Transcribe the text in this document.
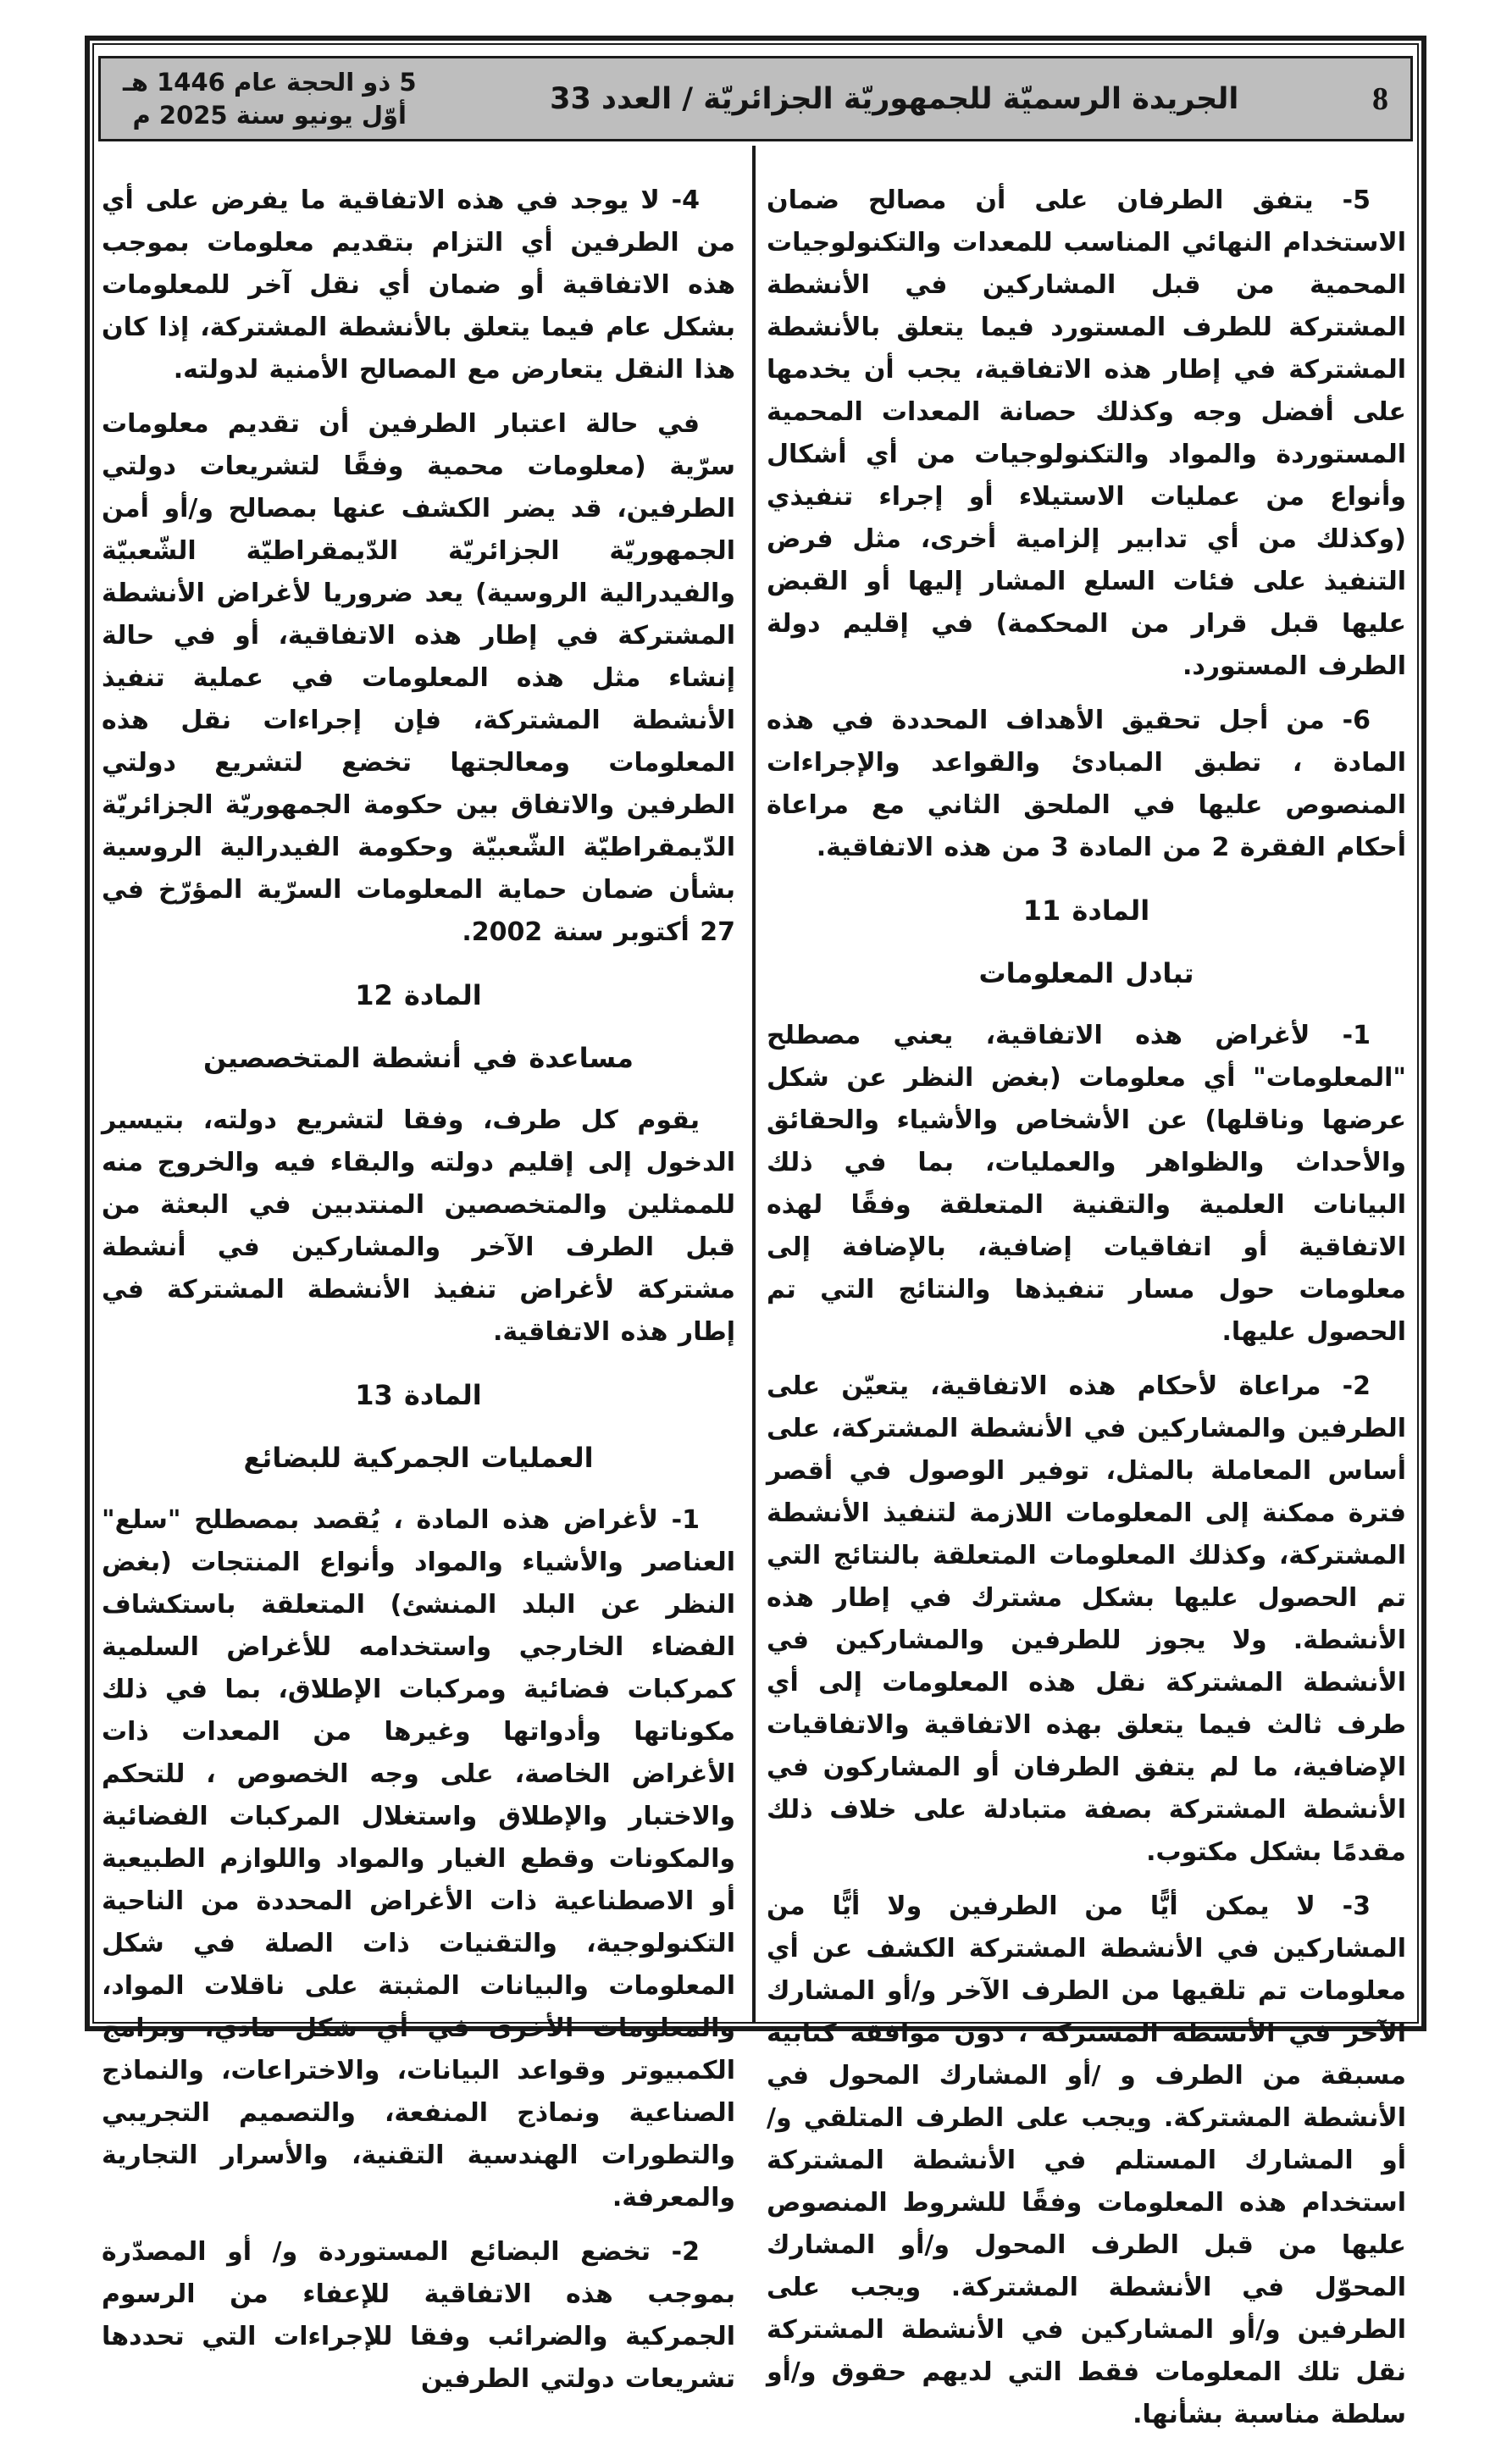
5 ذو الحجة عام 1446 هـ
أوّل يونيو سنة 2025 م	الجريدة الرسميّة للجمهوريّة الجزائريّة / العدد 33	8
5- يتفق الطرفان على أن مصالح ضمان الاستخدام النهائي المناسب للمعدات والتكنولوجيات المحمية من قبل المشاركين في الأنشطة المشتركة للطرف المستورد فيما يتعلق بالأنشطة المشتركة في إطار هذه الاتفاقية، يجب أن يخدمها على أفضل وجه وكذلك حصانة المعدات المحمية المستوردة والمواد والتكنولوجيات من أي أشكال وأنواع من عمليات الاستيلاء أو إجراء تنفيذي (وكذلك من أي تدابير إلزامية أخرى، مثل فرض التنفيذ على فئات السلع المشار إليها أو القبض عليها قبل قرار من المحكمة) في إقليم دولة الطرف المستورد.
6- من أجل تحقيق الأهداف المحددة في هذه المادة ، تطبق المبادئ والقواعد والإجراءات المنصوص عليها في الملحق الثاني مع مراعاة أحكام الفقرة 2 من المادة 3 من هذه الاتفاقية.
المادة 11
تبادل المعلومات
1- لأغراض هذه الاتفاقية، يعني مصطلح "المعلومات" أي معلومات (بغض النظر عن شكل عرضها وناقلها) عن الأشخاص والأشياء والحقائق والأحداث والظواهر والعمليات، بما في ذلك البيانات العلمية والتقنية المتعلقة وفقًا لهذه الاتفاقية أو اتفاقيات إضافية، بالإضافة إلى معلومات حول مسار تنفيذها والنتائج التي تم الحصول عليها.
2- مراعاة لأحكام هذه الاتفاقية، يتعيّن على الطرفين والمشاركين في الأنشطة المشتركة، على أساس المعاملة بالمثل، توفير الوصول في أقصر فترة ممكنة إلى المعلومات اللازمة لتنفيذ الأنشطة المشتركة، وكذلك المعلومات المتعلقة بالنتائج التي تم الحصول عليها بشكل مشترك في إطار هذه الأنشطة. ولا يجوز للطرفين والمشاركين في الأنشطة المشتركة نقل هذه المعلومات إلى أي طرف ثالث فيما يتعلق بهذه الاتفاقية والاتفاقيات الإضافية، ما لم يتفق الطرفان أو المشاركون في الأنشطة المشتركة بصفة متبادلة على خلاف ذلك مقدمًا بشكل مكتوب.
3- لا يمكن أيًّا من الطرفين ولا أيًّا من المشاركين في الأنشطة المشتركة الكشف عن أي معلومات تم تلقيها من الطرف الآخر و/أو المشارك الآخر في الأنشطة المشتركة ، دون موافقة كتابية مسبقة من الطرف و /أو المشارك المحول في الأنشطة المشتركة. ويجب على الطرف المتلقي و/أو المشارك المستلم في الأنشطة المشتركة استخدام هذه المعلومات وفقًا للشروط المنصوص عليها من قبل الطرف المحول و/أو المشارك المحوّل في الأنشطة المشتركة. ويجب على الطرفين و/أو المشاركين في الأنشطة المشتركة نقل تلك المعلومات فقط التي لديهم حقوق و/أو سلطة مناسبة بشأنها.
4- لا يوجد في هذه الاتفاقية ما يفرض على أي من الطرفين أي التزام بتقديم معلومات بموجب هذه الاتفاقية أو ضمان أي نقل آخر للمعلومات بشكل عام فيما يتعلق بالأنشطة المشتركة، إذا كان هذا النقل يتعارض مع المصالح الأمنية لدولته.
في حالة اعتبار الطرفين أن تقديم معلومات سرّية (معلومات محمية وفقًا لتشريعات دولتي الطرفين، قد يضر الكشف عنها بمصالح و/أو أمن الجمهوريّة الجزائريّة الدّيمقراطيّة الشّعبيّة والفيدرالية الروسية) يعد ضروريا لأغراض الأنشطة المشتركة في إطار هذه الاتفاقية، أو في حالة إنشاء مثل هذه المعلومات في عملية تنفيذ الأنشطة المشتركة، فإن إجراءات نقل هذه المعلومات ومعالجتها تخضع لتشريع دولتي الطرفين والاتفاق بين حكومة الجمهوريّة الجزائريّة الدّيمقراطيّة الشّعبيّة وحكومة الفيدرالية الروسية بشأن ضمان حماية المعلومات السرّية المؤرّخ في 27 أكتوبر سنة 2002.
المادة 12
مساعدة في أنشطة المتخصصين
يقوم كل طرف، وفقا لتشريع دولته، بتيسير الدخول إلى إقليم دولته والبقاء فيه والخروج منه للممثلين والمتخصصين المنتدبين في البعثة من قبل الطرف الآخر والمشاركين في أنشطة مشتركة لأغراض تنفيذ الأنشطة المشتركة في إطار هذه الاتفاقية.
المادة 13
العمليات الجمركية للبضائع
1- لأغراض هذه المادة ، يُقصد بمصطلح "سلع" العناصر والأشياء والمواد وأنواع المنتجات (بغض النظر عن البلد المنشئ) المتعلقة باستكشاف الفضاء الخارجي واستخدامه للأغراض السلمية كمركبات فضائية ومركبات الإطلاق، بما في ذلك مكوناتها وأدواتها وغيرها من المعدات ذات الأغراض الخاصة، على وجه الخصوص ، للتحكم والاختبار والإطلاق واستغلال المركبات الفضائية والمكونات وقطع الغيار والمواد واللوازم الطبيعية أو الاصطناعية ذات الأغراض المحددة من الناحية التكنولوجية، والتقنيات ذات الصلة في شكل المعلومات والبيانات المثبتة على ناقلات المواد، والمعلومات الأخرى في أي شكل مادي، وبرامج الكمبيوتر وقواعد البيانات، والاختراعات، والنماذج الصناعية ونماذج المنفعة، والتصميم التجريبي والتطورات الهندسية التقنية، والأسرار التجارية والمعرفة.
2- تخضع البضائع المستوردة و/ أو المصدّرة بموجب هذه الاتفاقية للإعفاء من الرسوم الجمركية والضرائب وفقا للإجراءات التي تحددها تشريعات دولتي الطرفين
